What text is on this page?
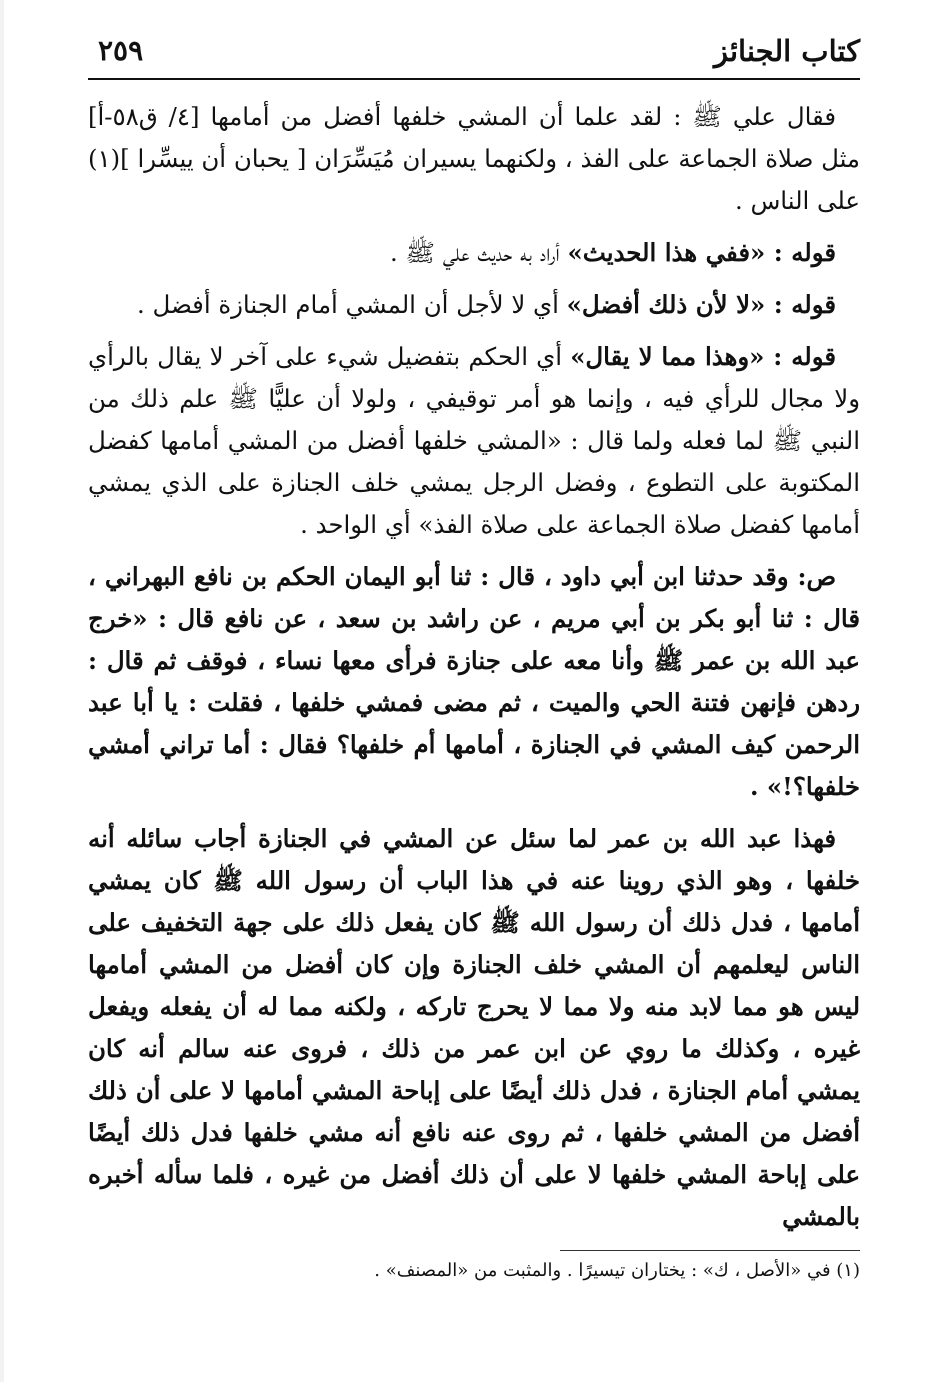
كتاب الجنائز
٢٥٩

فقال علي ﷺ : لقد علما أن المشي خلفها أفضل من أمامها [٤/ ق٥٨-أ] مثل صلاة الجماعة على الفذ ، ولكنهما يسيران مُيَسِّرَان [ يحبان أن ييسِّرا ](١) على الناس .

قوله : «ففي هذا الحديث» أراد به حديث علي ﷺ .

قوله : «لا لأن ذلك أفضل» أي لا لأجل أن المشي أمام الجنازة أفضل .

قوله : «وهذا مما لا يقال» أي الحكم بتفضيل شيء على آخر لا يقال بالرأي ولا مجال للرأي فيه ، وإنما هو أمر توقيفي ، ولولا أن عليًّا ﷺ علم ذلك من النبي ﷺ لما فعله ولما قال : «المشي خلفها أفضل من المشي أمامها كفضل المكتوبة على التطوع ، وفضل الرجل يمشي خلف الجنازة على الذي يمشي أمامها كفضل صلاة الجماعة على صلاة الفذ» أي الواحد .

ص: وقد حدثنا ابن أبي داود ، قال : ثنا أبو اليمان الحكم بن نافع البهراني ، قال : ثنا أبو بكر بن أبي مريم ، عن راشد بن سعد ، عن نافع قال : «خرج عبد الله بن عمر ﷺ وأنا معه على جنازة فرأى معها نساء ، فوقف ثم قال : ردهن فإنهن فتنة الحي والميت ، ثم مضى فمشي خلفها ، فقلت : يا أبا عبد الرحمن كيف المشي في الجنازة ، أمامها أم خلفها؟ فقال : أما تراني أمشي خلفها؟!» .

فهذا عبد الله بن عمر لما سئل عن المشي في الجنازة أجاب سائله أنه خلفها ، وهو الذي روينا عنه في هذا الباب أن رسول الله ﷺ كان يمشي أمامها ، فدل ذلك أن رسول الله ﷺ كان يفعل ذلك على جهة التخفيف على الناس ليعلمهم أن المشي خلف الجنازة وإن كان أفضل من المشي أمامها ليس هو مما لابد منه ولا مما لا يحرج تاركه ، ولكنه مما له أن يفعله ويفعل غيره ، وكذلك ما روي عن ابن عمر من ذلك ، فروى عنه سالم أنه كان يمشي أمام الجنازة ، فدل ذلك أيضًا على إباحة المشي أمامها لا على أن ذلك أفضل من المشي خلفها ، ثم روى عنه نافع أنه مشي خلفها فدل ذلك أيضًا على إباحة المشي خلفها لا على أن ذلك أفضل من غيره ، فلما سأله أخبره بالمشي

(١) في «الأصل ، ك» : يختاران تيسيرًا . والمثبت من «المصنف» .
